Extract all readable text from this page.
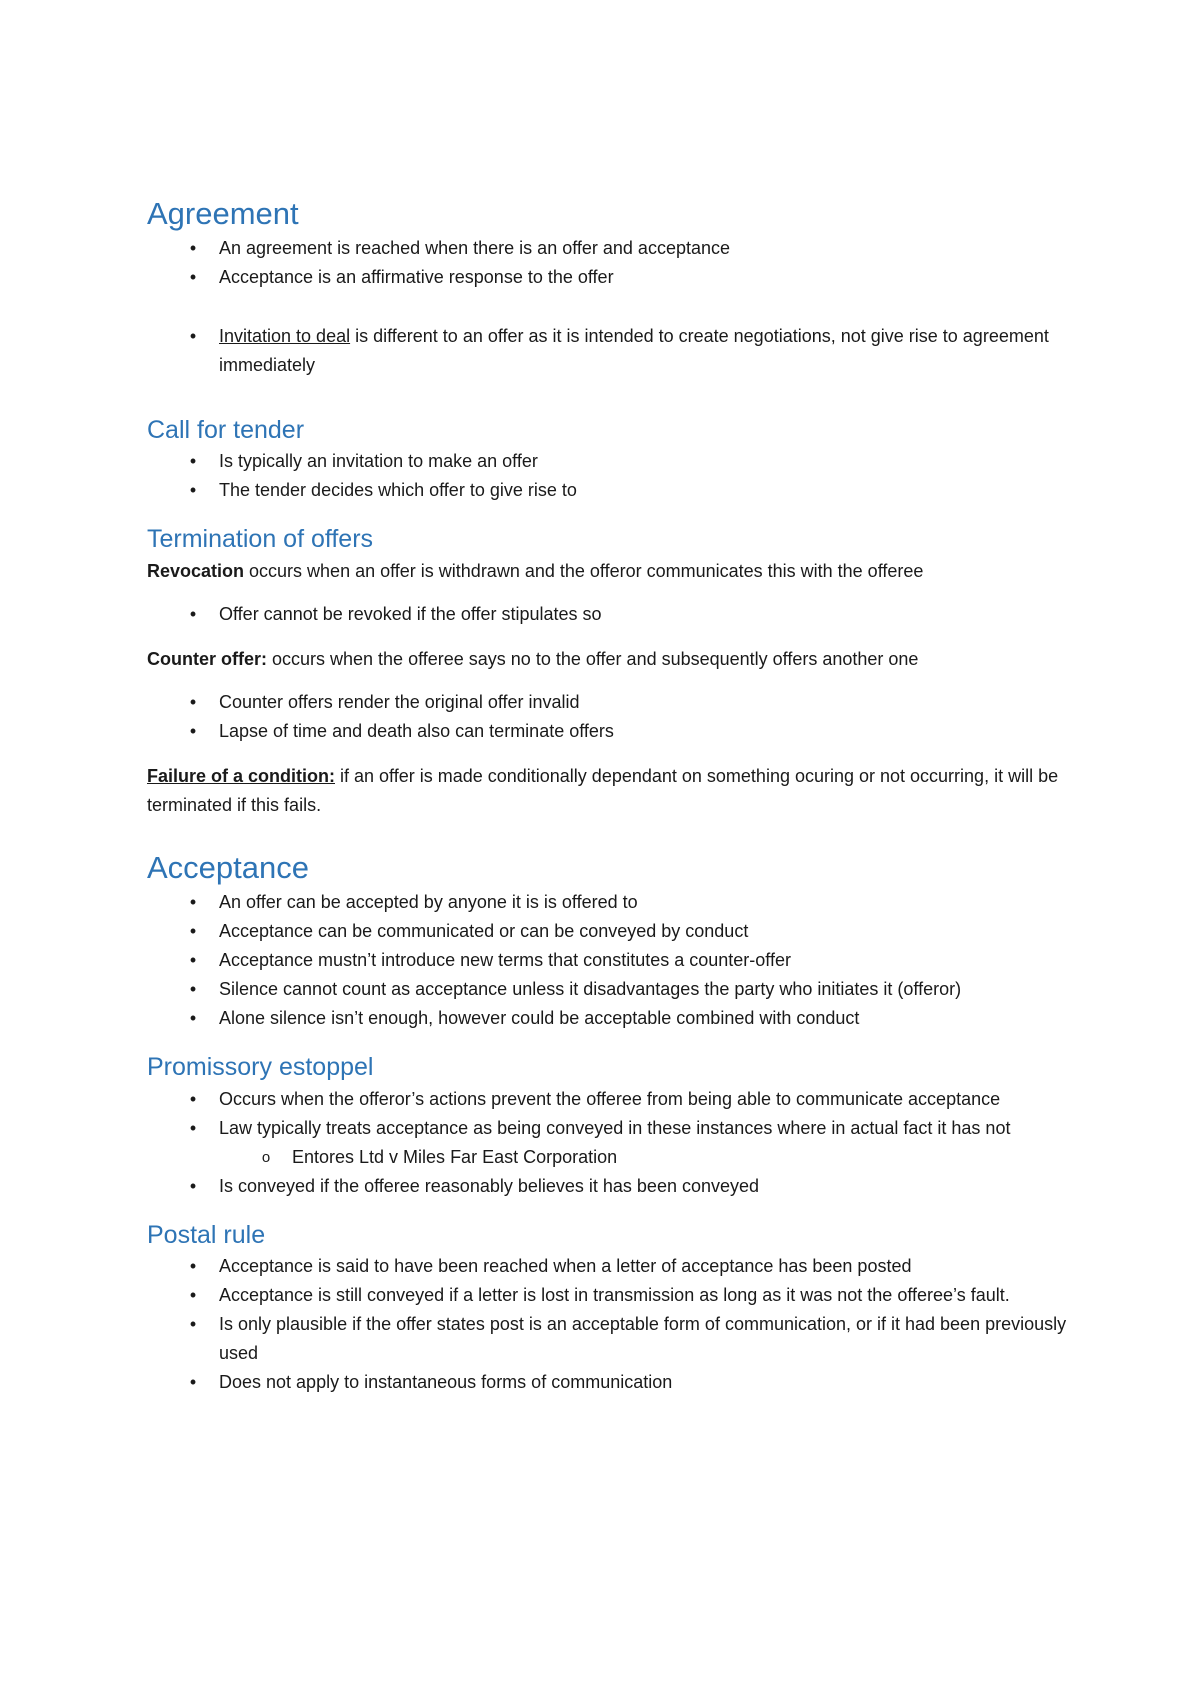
Agreement
•	An agreement is reached when there is an offer and acceptance
•	Acceptance is an affirmative response to the offer
•	Invitation to deal is different to an offer as it is intended to create negotiations, not give rise to agreement immediately
Call for tender
•	Is typically an invitation to make an offer
•	The tender decides which offer to give rise to
Termination of offers

Revocation occurs when an offer is withdrawn and the offeror communicates this with the offeree

•	Offer cannot be revoked if the offer stipulates so

Counter offer: occurs when the offeree says no to the offer and subsequently offers another one

•	Counter offers render the original offer invalid
•	Lapse of time and death also can terminate offers

Failure of a condition: if an offer is made conditionally dependant on something ocuring or not occurring, it will be terminated if this fails.

Acceptance
•	An offer can be accepted by anyone it is is offered to
•	Acceptance can be communicated or can be conveyed by conduct
•	Acceptance mustn’t introduce new terms that constitutes a counter-offer
•	Silence cannot count as acceptance unless it disadvantages the party who initiates it (offeror)
•	Alone silence isn’t enough, however could be acceptable combined with conduct
Promissory estoppel
•	Occurs when the offeror’s actions prevent the offeree from being able to communicate acceptance
•	Law typically treats acceptance as being conveyed in these instances where in actual fact it has not
o	Entores Ltd v Miles Far East Corporation
•	Is conveyed if the offeree reasonably believes it has been conveyed
Postal rule
•	Acceptance is said to have been reached when a letter of acceptance has been posted
•	Acceptance is still conveyed if a letter is lost in transmission as long as it was not the offeree’s fault.
•	Is only plausible if the offer states post is an acceptable form of communication, or if it had been previously used
•	Does not apply to instantaneous forms of communication
